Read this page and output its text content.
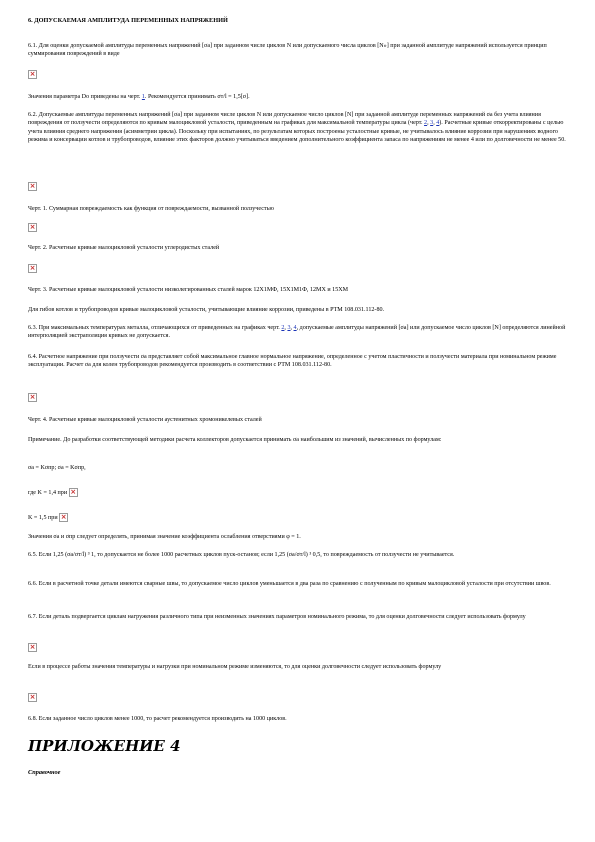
6. ДОПУСКАЕМАЯ АМПЛИТУДА ПЕРЕМЕННЫХ НАПРЯЖЕНИЙ

6.1. Для оценки допускаемой амплитуды переменных напряжений [σа] при заданном числе циклов N или допускаемого числа циклов [N»] при заданной амплитуде напряжений используется принцип суммирования повреждений в виде

×

Значения параметра Dо приведены на черт. 1. Рекомендуется принимать σт/l = 1,5[σ].

6.2. Допускаемые амплитуды переменных напряжений [σа] при заданном числе циклов N или допускаемое число циклов [N] при заданной амплитуде переменных напряжений σа без учета влияния повреждения от ползучести определяются по кривым малоцикловой усталости, приведенным на графиках для максимальной температуры цикла (черт. 2, 3, 4). Расчетные кривые откорректированы с целью учета влияния среднего напряжения (асимметрии цикла). Поскольку при испытаниях, по результатам которых построены усталостные кривые, не учитывалось влияние коррозии при нарушениях водного режима и консервации котлов и трубопроводов, влияние этих факторов должно учитываться введением дополнительного коэффициента запаса по напряжениям не менее 4 или по долговечности не менее 50.

×

Черт. 1. Суммарная повреждаемость как функция от повреждаемости, вызванной ползучестью

×

Черт. 2. Расчетные кривые малоцикловой усталости углеродистых сталей

×

Черт. 3. Расчетные кривые малоцикловой усталости низколегированных сталей марок 12Х1МФ, 15Х1М1Ф, 12МХ и 15ХМ

Для гибов котлов и трубопроводов кривые малоцикловой усталости, учитывающие влияние коррозии, приведены в РТМ 108.031.112-80.

6.3. При максимальных температурах металла, отличающихся от приведенных на графиках черт. 2, 3, 4, допускаемые амплитуды напряжений [σа] или допускаемое число циклов [N] определяются линейной интерполяцией экстраполяция кривых не допускается.

6.4. Расчетное напряжение при ползучести σа представляет собой максимальное главное нормальное напряжение, определенное с учетом пластичности и ползучести материала при номинальном режиме эксплуатации. Расчет σа для колен трубопроводов рекомендуется производить в соответствии с РТМ 108.031.112-80.

×

Черт. 4. Расчетные кривые малоцикловой усталости аустенитных хромоникелевых сталей

Примечание. До разработки соответствующей методики расчета коллекторов допускается принимать σа наибольшим из значений, вычисленных по формулам:

σа = Kσпр; σа = Kσпр,

где K = 1,4 при ×

K = 1,5 при ×

Значения σа и σпр следует определять, принимая значение коэффициента ослабления отверстиями φ = 1.

6.5. Если 1,25 (σа/σт/l) ³ 1, то допускается не более 1000 расчетных циклов пуск-останов; если 1,25 (σа/σт/l) ³ 0,5, то повреждаемость от ползучести не учитывается.

6.6. Если в расчетной точке детали имеются сварные швы, то допускаемое число циклов уменьшается в два раза по сравнению с полученным по кривым малоцикловой усталости при отсутствии швов.

6.7. Если деталь подвергается циклам нагружения различного типа при неизменных значениях параметров номинального режима, то для оценки долговечности следует использовать формулу

×

Если в процессе работы значения температуры и нагрузки при номинальном режиме изменяются, то для оценки долговечности следует использовать формулу

×

6.8. Если заданное число циклов менее 1000, то расчет рекомендуется производить на 1000 циклов.

ПРИЛОЖЕНИЕ 4

Справочное
